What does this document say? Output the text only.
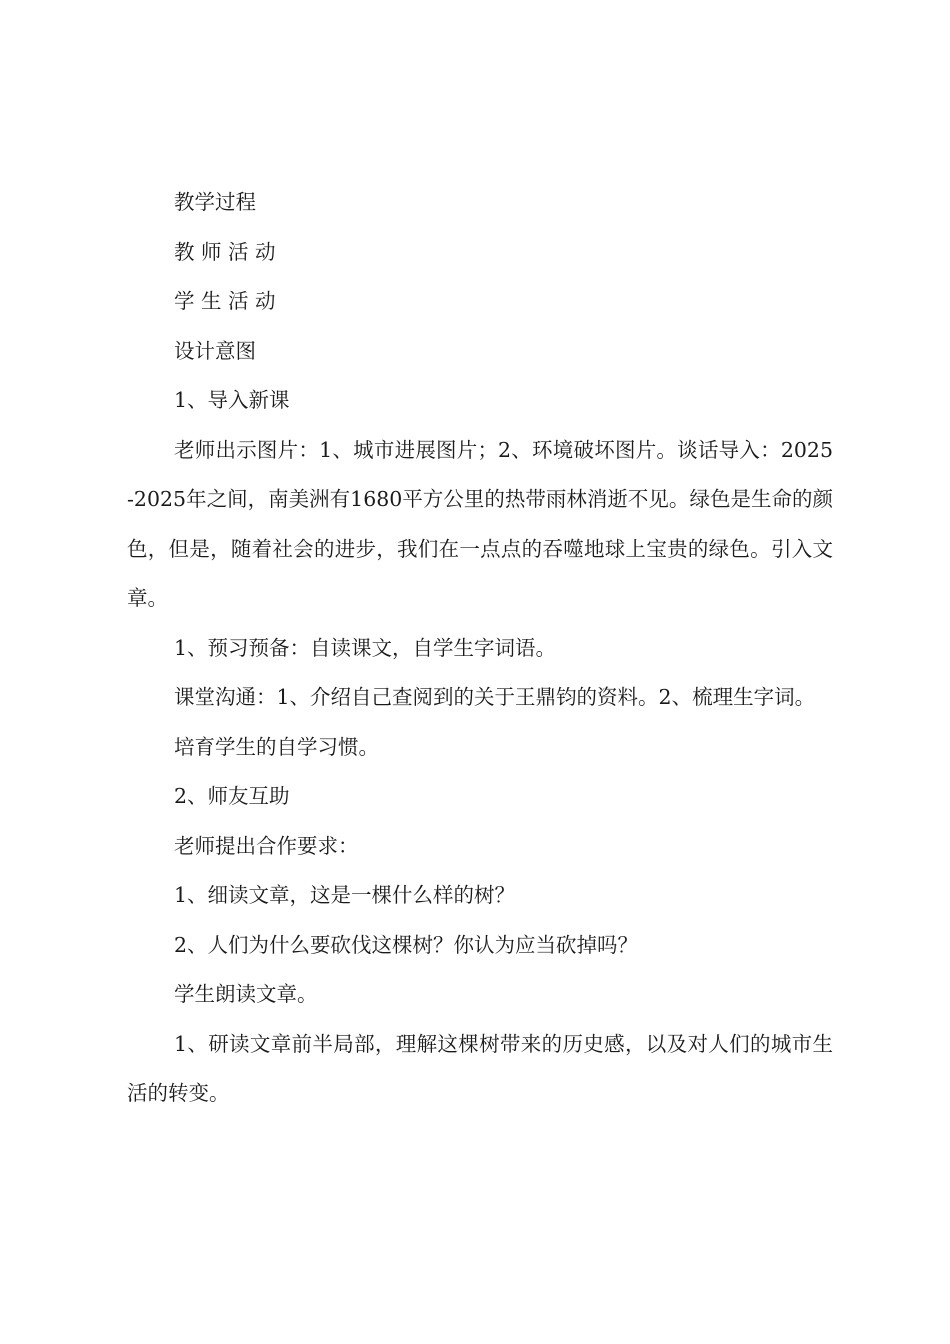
教学过程

教 师 活 动

学 生 活 动

设计意图

1、导入新课

老师出示图片：1、城市进展图片；2、环境破坏图片。谈话导入：2025-2025年之间，南美洲有1680平方公里的热带雨林消逝不见。绿色是生命的颜色，但是，随着社会的进步，我们在一点点的吞噬地球上宝贵的绿色。引入文章。

1、预习预备：自读课文，自学生字词语。

课堂沟通：1、介绍自己查阅到的关于王鼎钧的资料。2、梳理生字词。

培育学生的自学习惯。

2、师友互助

老师提出合作要求：

1、细读文章，这是一棵什么样的树？

2、人们为什么要砍伐这棵树？你认为应当砍掉吗？

学生朗读文章。

1、研读文章前半局部，理解这棵树带来的历史感，以及对人们的城市生活的转变。
